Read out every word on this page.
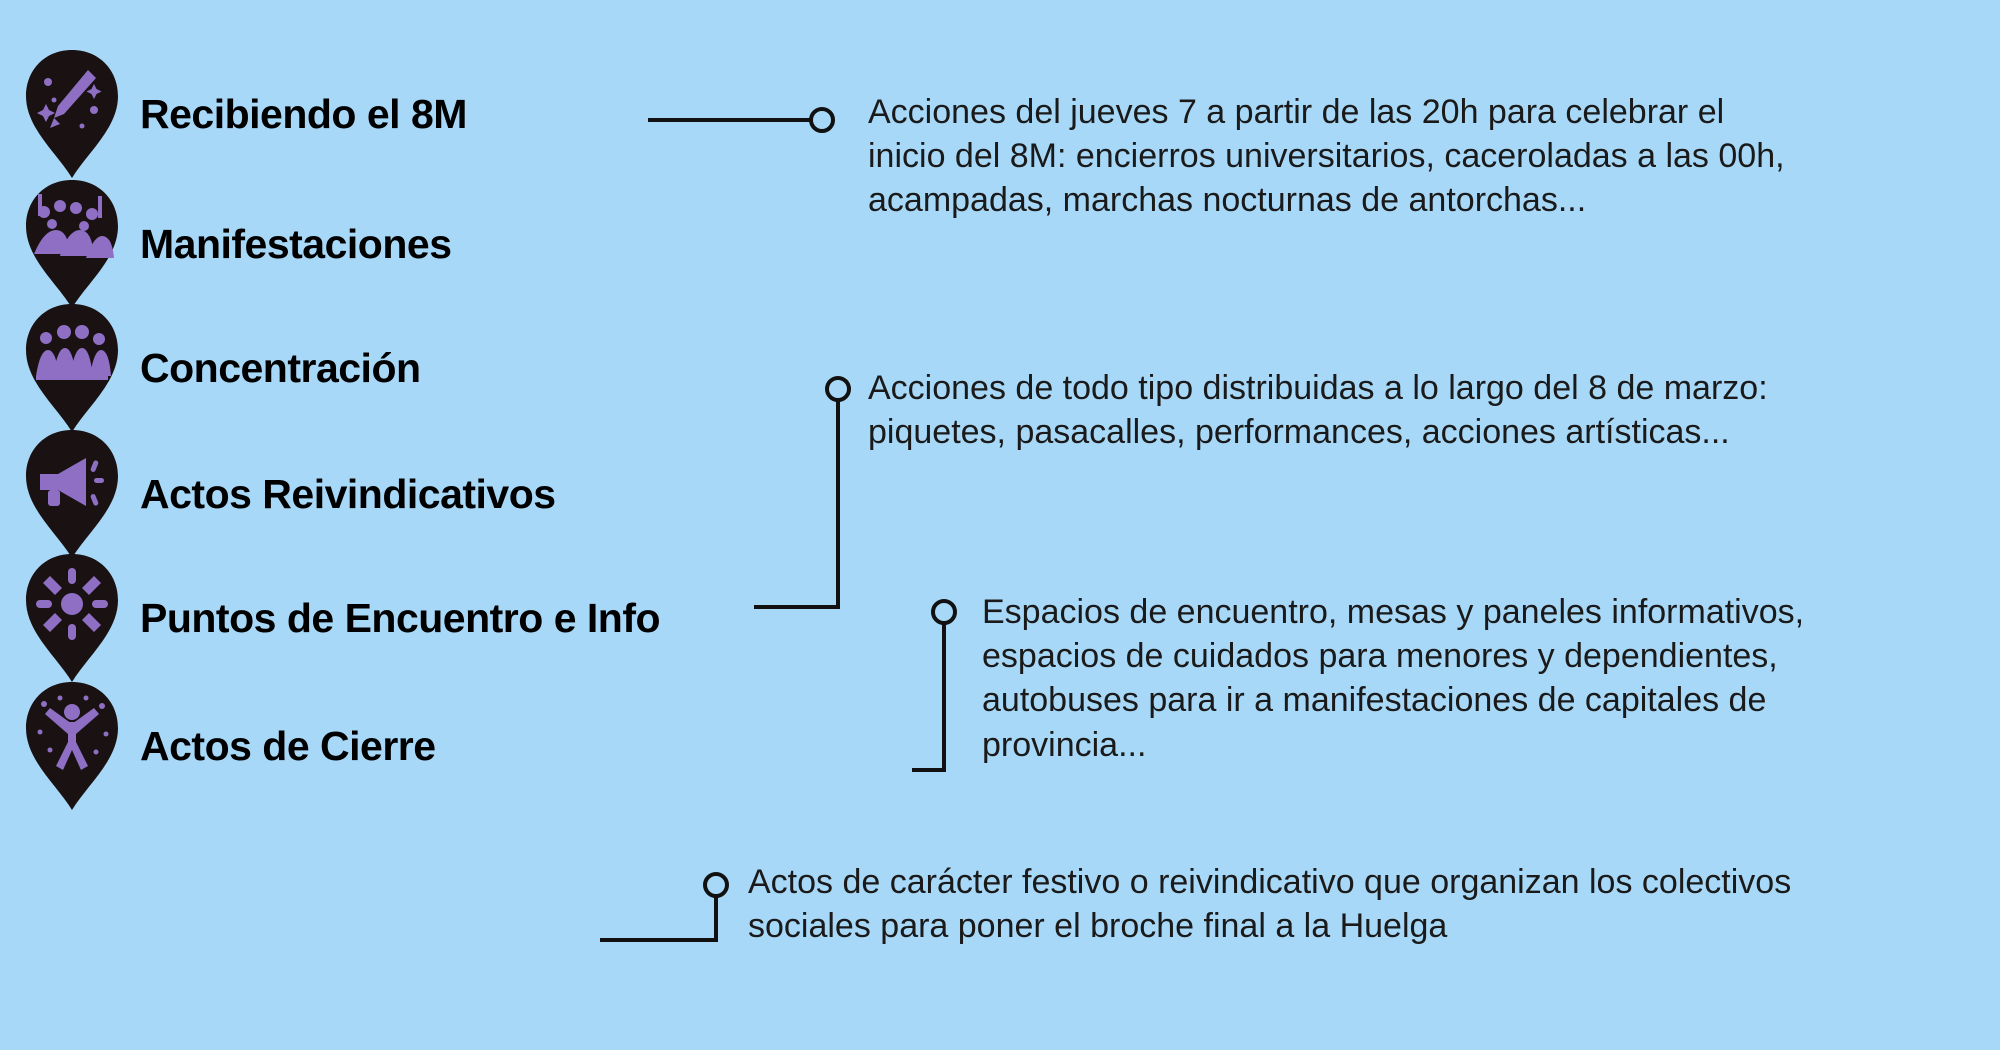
Recibiendo el 8M
Manifestaciones
Concentración
Actos Reivindicativos
Puntos de Encuentro e Info
Actos de Cierre
Acciones del jueves 7 a partir de las 20h para celebrar el inicio del 8M: encierros universitarios, caceroladas a las 00h, acampadas, marchas nocturnas de antorchas...
Acciones de todo tipo distribuidas a lo largo del 8 de marzo: piquetes, pasacalles, performances, acciones artísticas...
Espacios de encuentro, mesas y paneles informativos, espacios de cuidados para menores y dependientes, autobuses para ir a manifestaciones de capitales de provincia...
Actos de carácter festivo o reivindicativo que organizan los colectivos sociales para poner el broche final a la Huelga
